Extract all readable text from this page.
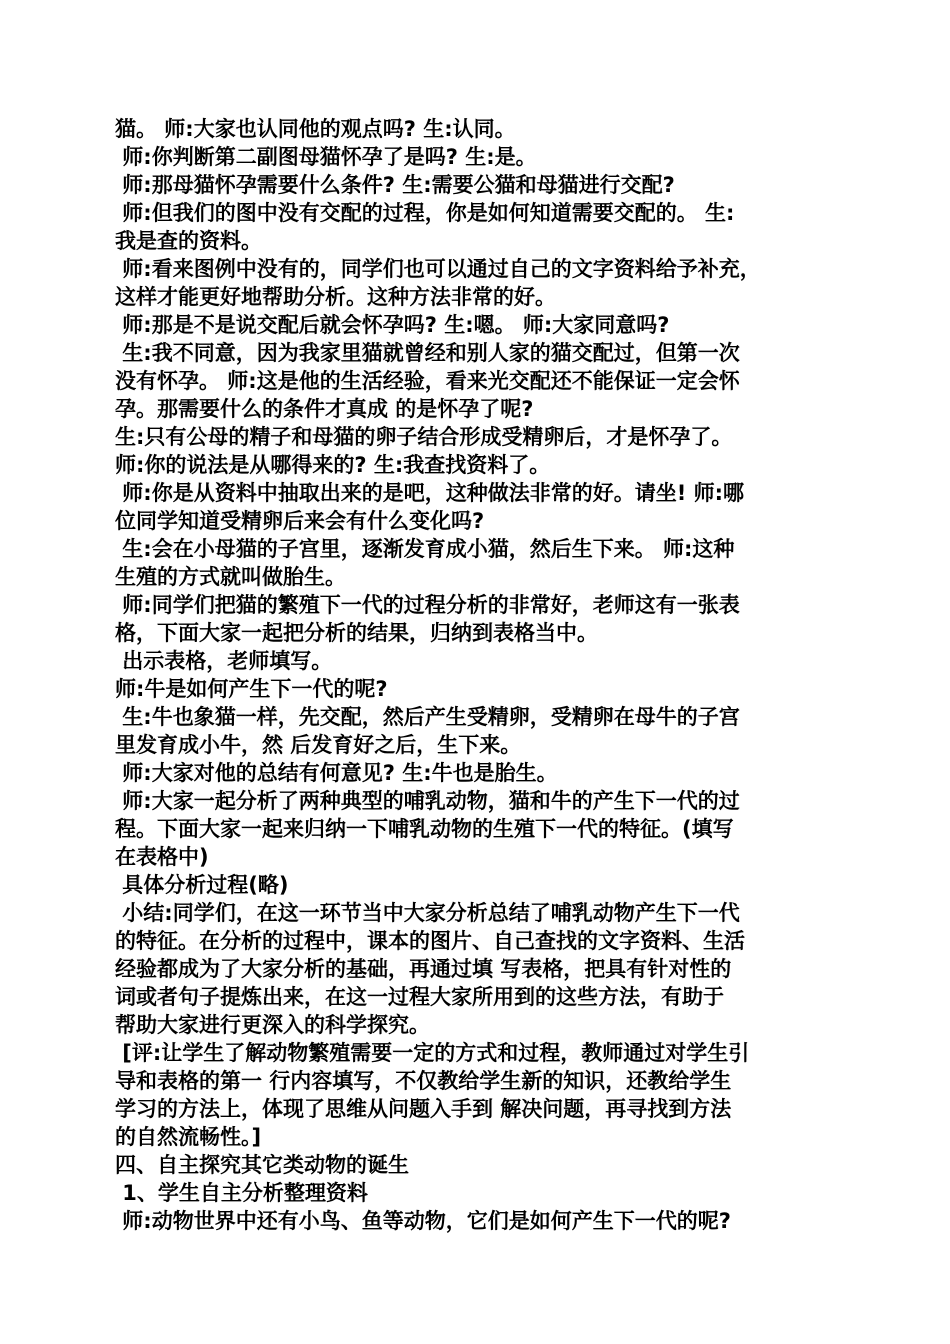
猫。 师:大家也认同他的观点吗? 生:认同。
师:你判断第二副图母猫怀孕了是吗? 生:是。
师:那母猫怀孕需要什么条件? 生:需要公猫和母猫进行交配?
师:但我们的图中没有交配的过程，你是如何知道需要交配的。 生:
我是查的资料。
师:看来图例中没有的，同学们也可以通过自己的文字资料给予补充，
这样才能更好地帮助分析。这种方法非常的好。
师:那是不是说交配后就会怀孕吗? 生:嗯。 师:大家同意吗?
生:我不同意，因为我家里猫就曾经和别人家的猫交配过，但第一次
没有怀孕。 师:这是他的生活经验，看来光交配还不能保证一定会怀
孕。那需要什么的条件才真成 的是怀孕了呢?
生:只有公母的精子和母猫的卵子结合形成受精卵后，才是怀孕了。
师:你的说法是从哪得来的? 生:我查找资料了。
师:你是从资料中抽取出来的是吧，这种做法非常的好。请坐! 师:哪
位同学知道受精卵后来会有什么变化吗?
生:会在小母猫的子宫里，逐渐发育成小猫，然后生下来。 师:这种
生殖的方式就叫做胎生。
师:同学们把猫的繁殖下一代的过程分析的非常好，老师这有一张表
格，下面大家一起把分析的结果，归纳到表格当中。
出示表格，老师填写。
师:牛是如何产生下一代的呢?
生:牛也象猫一样，先交配，然后产生受精卵，受精卵在母牛的子宫
里发育成小牛，然 后发育好之后，生下来。
师:大家对他的总结有何意见? 生:牛也是胎生。
师:大家一起分析了两种典型的哺乳动物，猫和牛的产生下一代的过
程。下面大家一起来归纳一下哺乳动物的生殖下一代的特征。(填写
在表格中)
具体分析过程(略)
小结:同学们，在这一环节当中大家分析总结了哺乳动物产生下一代
的特征。在分析的过程中，课本的图片、自己查找的文字资料、生活
经验都成为了大家分析的基础，再通过填 写表格，把具有针对性的
词或者句子提炼出来，在这一过程大家所用到的这些方法，有助于
帮助大家进行更深入的科学探究。
[评:让学生了解动物繁殖需要一定的方式和过程，教师通过对学生引
导和表格的第一 行内容填写，不仅教给学生新的知识，还教给学生
学习的方法上，体现了思维从问题入手到 解决问题，再寻找到方法
的自然流畅性。]
四、自主探究其它类动物的诞生
1、学生自主分析整理资料
师:动物世界中还有小鸟、鱼等动物，它们是如何产生下一代的呢?
